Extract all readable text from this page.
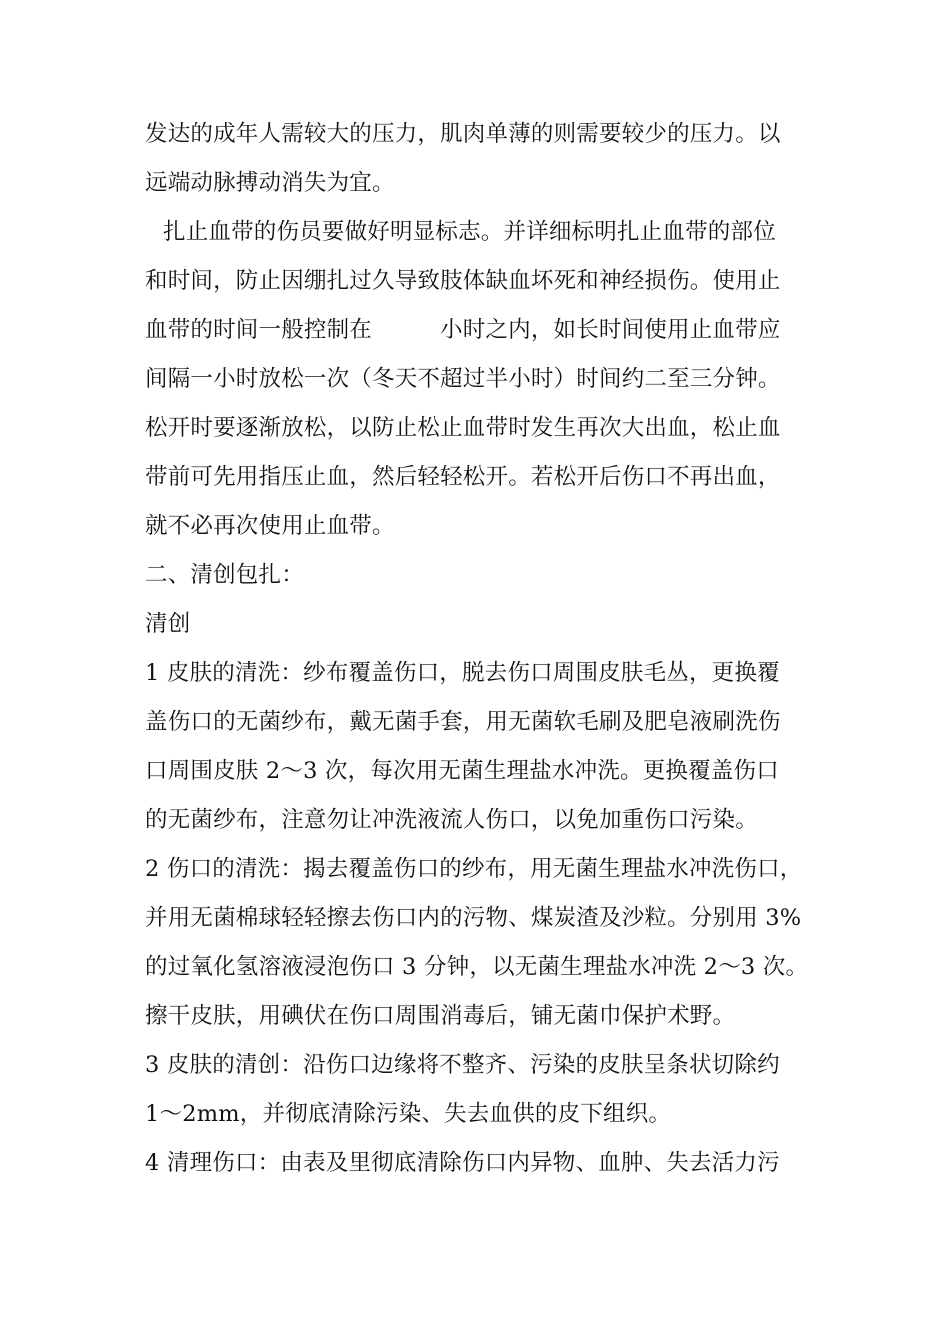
发达的成年人需较大的压力，肌肉单薄的则需要较少的压力。以
远端动脉搏动消失为宜。
扎止血带的伤员要做好明显标志。并详细标明扎止血带的部位
和时间，防止因绷扎过久导致肢体缺血坏死和神经损伤。使用止
血带的时间一般控制在	小时之内，如长时间使用止血带应
间隔一小时放松一次（冬天不超过半小时）时间约二至三分钟。
松开时要逐渐放松，以防止松止血带时发生再次大出血，松止血
带前可先用指压止血，然后轻轻松开。若松开后伤口不再出血，
就不必再次使用止血带。
二、清创包扎：
清创
1 皮肤的清洗：纱布覆盖伤口，脱去伤口周围皮肤毛丛，更换覆
盖伤口的无菌纱布，戴无菌手套，用无菌软毛刷及肥皂液刷洗伤
口周围皮肤 2～3 次，每次用无菌生理盐水冲洗。更换覆盖伤口
的无菌纱布，注意勿让冲洗液流人伤口，以免加重伤口污染。
2 伤口的清洗：揭去覆盖伤口的纱布，用无菌生理盐水冲洗伤口，
并用无菌棉球轻轻擦去伤口内的污物、煤炭渣及沙粒。分别用 3%
的过氧化氢溶液浸泡伤口 3 分钟，以无菌生理盐水冲洗 2～3 次。
擦干皮肤，用碘伏在伤口周围消毒后，铺无菌巾保护术野。
3 皮肤的清创：沿伤口边缘将不整齐、污染的皮肤呈条状切除约
1～2mm，并彻底清除污染、失去血供的皮下组织。
4 清理伤口：由表及里彻底清除伤口内异物、血肿、失去活力污
